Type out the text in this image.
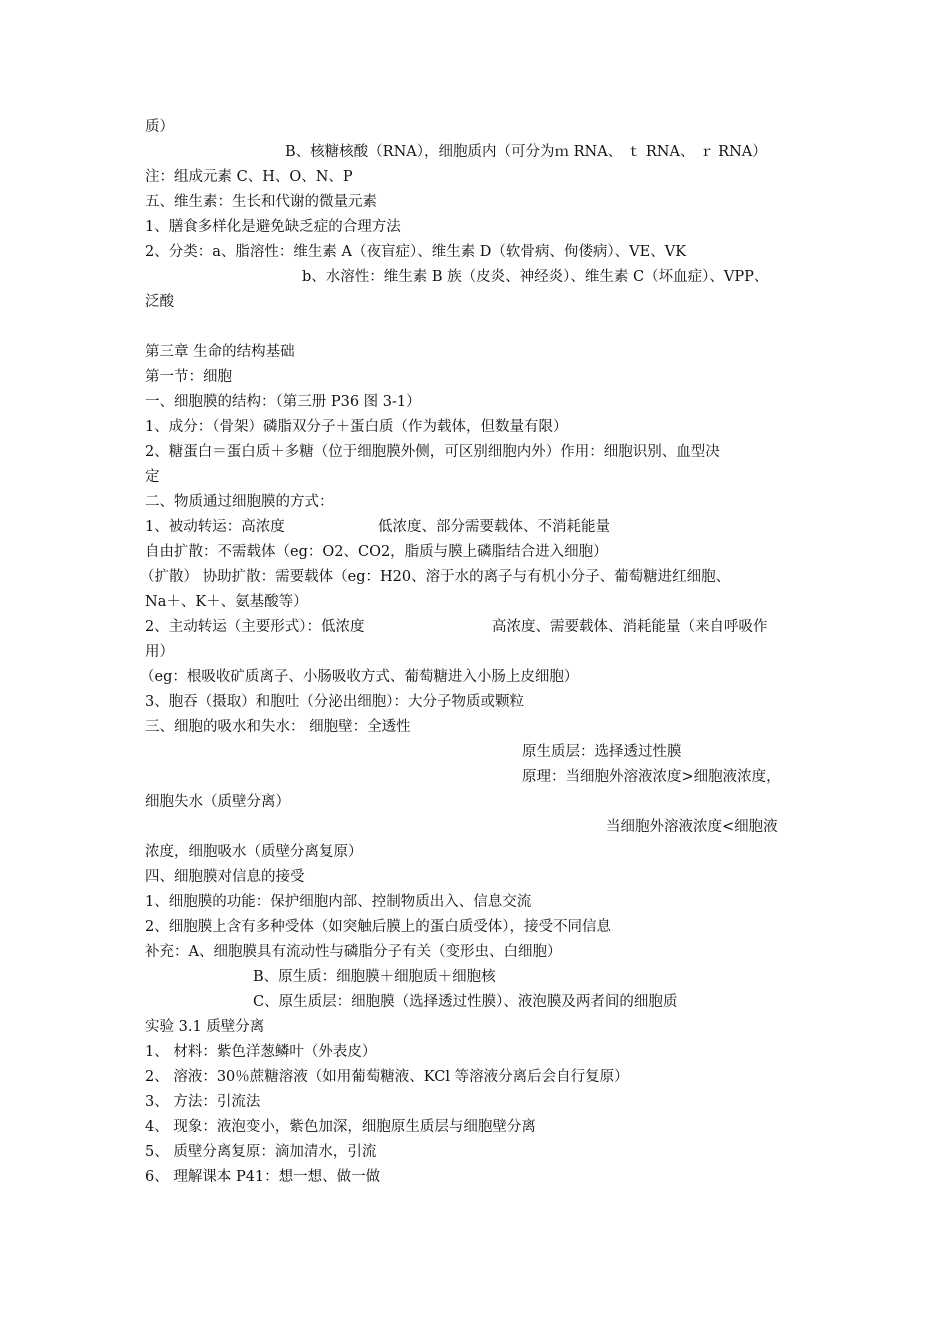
质）
B、核糖核酸（RNA），细胞质内（可分为ｍ RNA、 ｔ RNA、 ｒ RNA）
注：组成元素 C、H、O、N、P
五、维生素：生长和代谢的微量元素
1、膳食多样化是避免缺乏症的合理方法
2、分类：a、脂溶性：维生素 A（夜盲症）、维生素 D（软骨病、佝偻病）、VE、VK
b、水溶性：维生素 B 族（皮炎、神经炎）、维生素 C（坏血症）、VPP、
泛酸
第三章 生命的结构基础
第一节：细胞
一、细胞膜的结构：（第三册 P36 图 3-1）
1、成分：（骨架）磷脂双分子＋蛋白质（作为载体，但数量有限）
2、糖蛋白＝蛋白质＋多糖（位于细胞膜外侧，可区别细胞内外）作用：细胞识别、血型决
定
二、物质通过细胞膜的方式：
1、被动转运：高浓度	低浓度、部分需要载体、不消耗能量
自由扩散：不需载体（eg：O2、CO2，脂质与膜上磷脂结合进入细胞）
（扩散） 协助扩散：需要载体（eg：H20、溶于水的离子与有机小分子、葡萄糖进红细胞、
Na＋、K＋、氨基酸等）
2、主动转运（主要形式）：低浓度	高浓度、需要载体、消耗能量（来自呼吸作
用）
（eg：根吸收矿质离子、小肠吸收方式、葡萄糖进入小肠上皮细胞）
3、胞吞（摄取）和胞吐（分泌出细胞）：大分子物质或颗粒
三、细胞的吸水和失水： 细胞壁：全透性
原生质层：选择透过性膜
原理：当细胞外溶液浓度>细胞液浓度，
细胞失水（质壁分离）
当细胞外溶液浓度<细胞液
浓度，细胞吸水（质壁分离复原）
四、细胞膜对信息的接受
1、细胞膜的功能：保护细胞内部、控制物质出入、信息交流
2、细胞膜上含有多种受体（如突触后膜上的蛋白质受体），接受不同信息
补充：A、细胞膜具有流动性与磷脂分子有关（变形虫、白细胞）
B、原生质：细胞膜＋细胞质＋细胞核
C、原生质层：细胞膜（选择透过性膜）、液泡膜及两者间的细胞质
实验 3.1 质壁分离
1、 材料：紫色洋葱鳞叶（外表皮）
2、 溶液：30％蔗糖溶液（如用葡萄糖液、KCl 等溶液分离后会自行复原）
3、 方法：引流法
4、 现象：液泡变小，紫色加深，细胞原生质层与细胞壁分离
5、 质壁分离复原：滴加清水，引流
6、 理解课本 P41：想一想、做一做
